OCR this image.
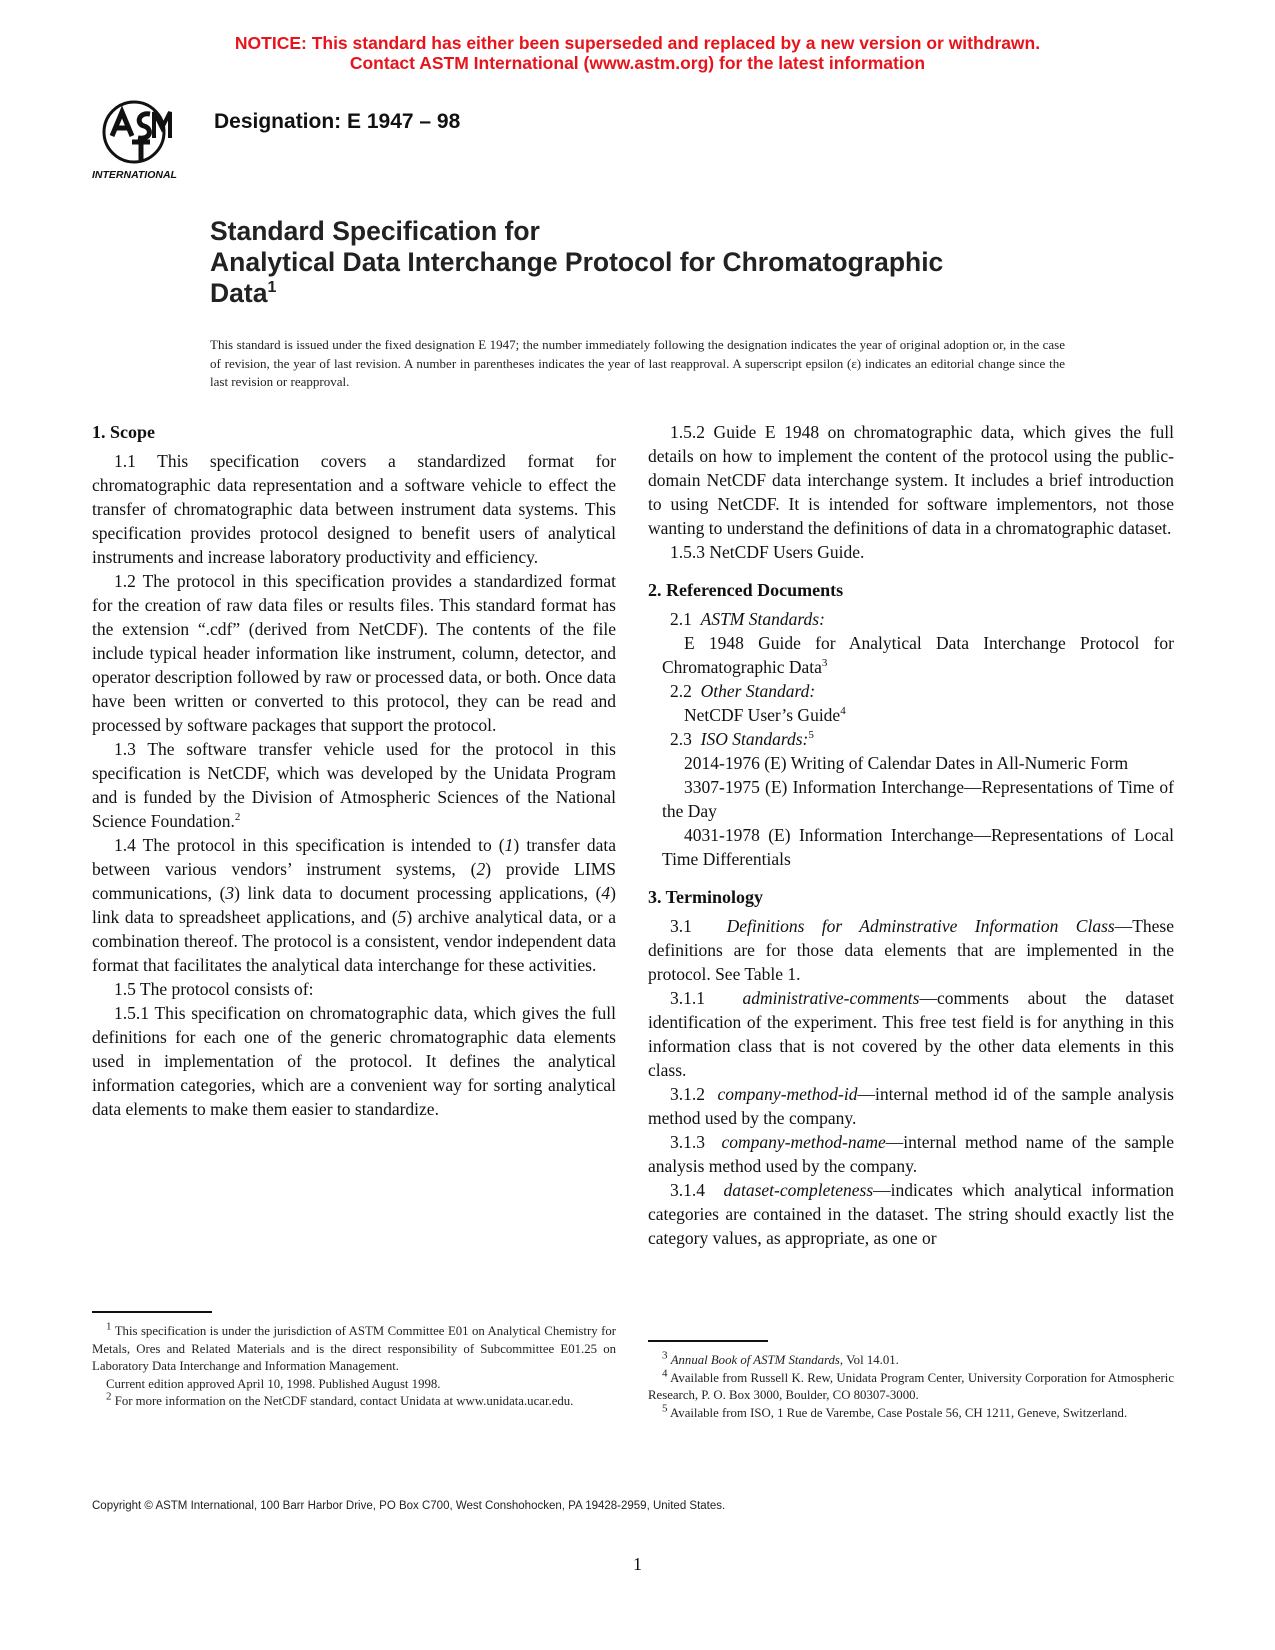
NOTICE: This standard has either been superseded and replaced by a new version or withdrawn.
Contact ASTM International (www.astm.org) for the latest information
INTERNATIONAL
Designation: E 1947 – 98
Standard Specification for
Analytical Data Interchange Protocol for Chromatographic
Data$^1$
This standard is issued under the fixed designation E 1947; the number immediately following the designation indicates the year of original adoption or, in the case of revision, the year of last revision. A number in parentheses indicates the year of last reapproval. A superscript epsilon (ε) indicates an editorial change since the last revision or reapproval.
1. Scope

1.1 This specification covers a standardized format for chromatographic data representation and a software vehicle to effect the transfer of chromatographic data between instrument data systems. This specification provides protocol designed to benefit users of analytical instruments and increase laboratory productivity and efficiency.

1.2 The protocol in this specification provides a standardized format for the creation of raw data files or results files. This standard format has the extension “.cdf” (derived from NetCDF). The contents of the file include typical header information like instrument, column, detector, and operator description followed by raw or processed data, or both. Once data have been written or converted to this protocol, they can be read and processed by software packages that support the protocol.

1.3 The software transfer vehicle used for the protocol in this specification is NetCDF, which was developed by the Unidata Program and is funded by the Division of Atmospheric Sciences of the National Science Foundation.$^2$

1.4 The protocol in this specification is intended to (1) transfer data between various vendors’ instrument systems, (2) provide LIMS communications, (3) link data to document processing applications, (4) link data to spreadsheet applications, and (5) archive analytical data, or a combination thereof. The protocol is a consistent, vendor independent data format that facilitates the analytical data interchange for these activities.

1.5 The protocol consists of:

1.5.1 This specification on chromatographic data, which gives the full definitions for each one of the generic chromatographic data elements used in implementation of the protocol. It defines the analytical information categories, which are a convenient way for sorting analytical data elements to make them easier to standardize.

1.5.2 Guide E 1948 on chromatographic data, which gives the full details on how to implement the content of the protocol using the public-domain NetCDF data interchange system. It includes a brief introduction to using NetCDF. It is intended for software implementors, not those wanting to understand the definitions of data in a chromatographic dataset.

1.5.3 NetCDF Users Guide.

2. Referenced Documents

2.1 ASTM Standards:

E 1948 Guide for Analytical Data Interchange Protocol for Chromatographic Data$^3$

2.2 Other Standard:

NetCDF User’s Guide$^4$

2.3 ISO Standards:$^5$

2014-1976 (E) Writing of Calendar Dates in All-Numeric Form

3307-1975 (E) Information Interchange—Representations of Time of the Day

4031-1978 (E) Information Interchange—Representations of Local Time Differentials

3. Terminology

3.1 Definitions for Adminstrative Information Class—These definitions are for those data elements that are implemented in the protocol. See Table 1.

3.1.1 administrative-comments—comments about the dataset identification of the experiment. This free test field is for anything in this information class that is not covered by the other data elements in this class.

3.1.2 company-method-id—internal method id of the sample analysis method used by the company.

3.1.3 company-method-name—internal method name of the sample analysis method used by the company.

3.1.4 dataset-completeness—indicates which analytical information categories are contained in the dataset. The string should exactly list the category values, as appropriate, as one or

$^1$ This specification is under the jurisdiction of ASTM Committee E01 on Analytical Chemistry for Metals, Ores and Related Materials and is the direct responsibility of Subcommittee E01.25 on Laboratory Data Interchange and Information Management.

Current edition approved April 10, 1998. Published August 1998.

$^2$ For more information on the NetCDF standard, contact Unidata at www.unidata.ucar.edu.

$^3$ Annual Book of ASTM Standards, Vol 14.01.

$^4$ Available from Russell K. Rew, Unidata Program Center, University Corporation for Atmospheric Research, P. O. Box 3000, Boulder, CO 80307-3000.

$^5$ Available from ISO, 1 Rue de Varembe, Case Postale 56, CH 1211, Geneve, Switzerland.

Copyright © ASTM International, 100 Barr Harbor Drive, PO Box C700, West Conshohocken, PA 19428-2959, United States.
1
